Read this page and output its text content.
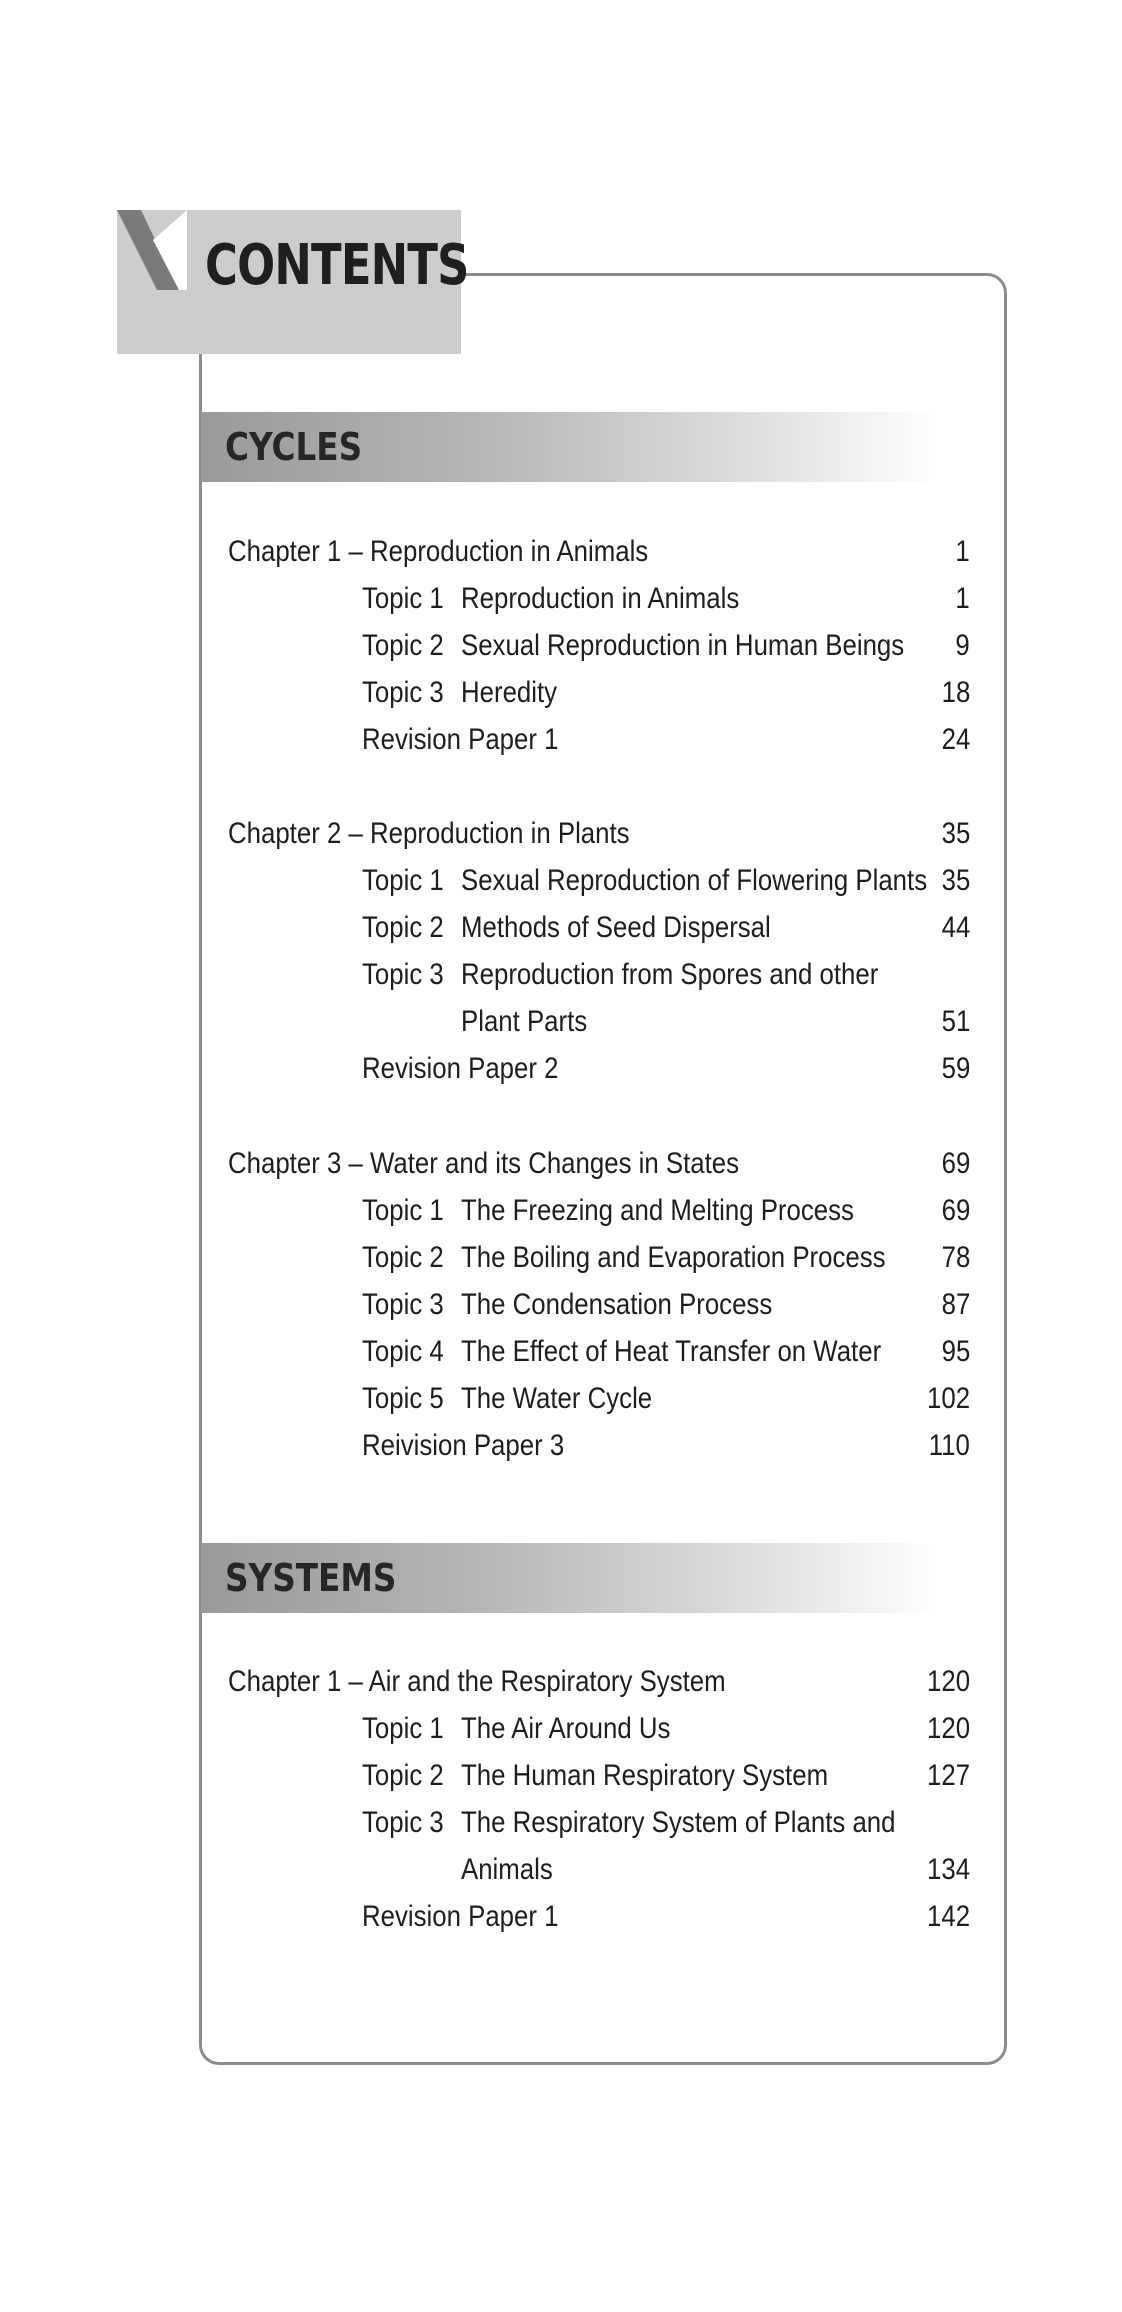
CONTENTS
CYCLES
Chapter 1 – Reproduction in Animals	1
Topic 1 Reproduction in Animals	1
Topic 2 Sexual Reproduction in Human Beings 9
Topic 3 Heredity	18
Revision Paper 1	24
Chapter 2 – Reproduction in Plants	35
Topic 1 Sexual Reproduction of Flowering Plants 35
Topic 2 Methods of Seed Dispersal	44
Topic 3 Reproduction from Spores and other
Plant Parts	51
Revision Paper 2	59
Chapter 3 – Water and its Changes in States	69
Topic 1 The Freezing and Melting Process	69
Topic 2 The Boiling and Evaporation Process 78
Topic 3 The Condensation Process	87
Topic 4 The Effect of Heat Transfer on Water 95
Topic 5 The Water Cycle	102
Reivision Paper 3	110
SYSTEMS
Chapter 1 – Air and the Respiratory System	120
Topic 1 The Air Around Us	120
Topic 2 The Human Respiratory System	127
Topic 3 The Respiratory System of Plants and
Animals	134
Revision Paper 1	142
